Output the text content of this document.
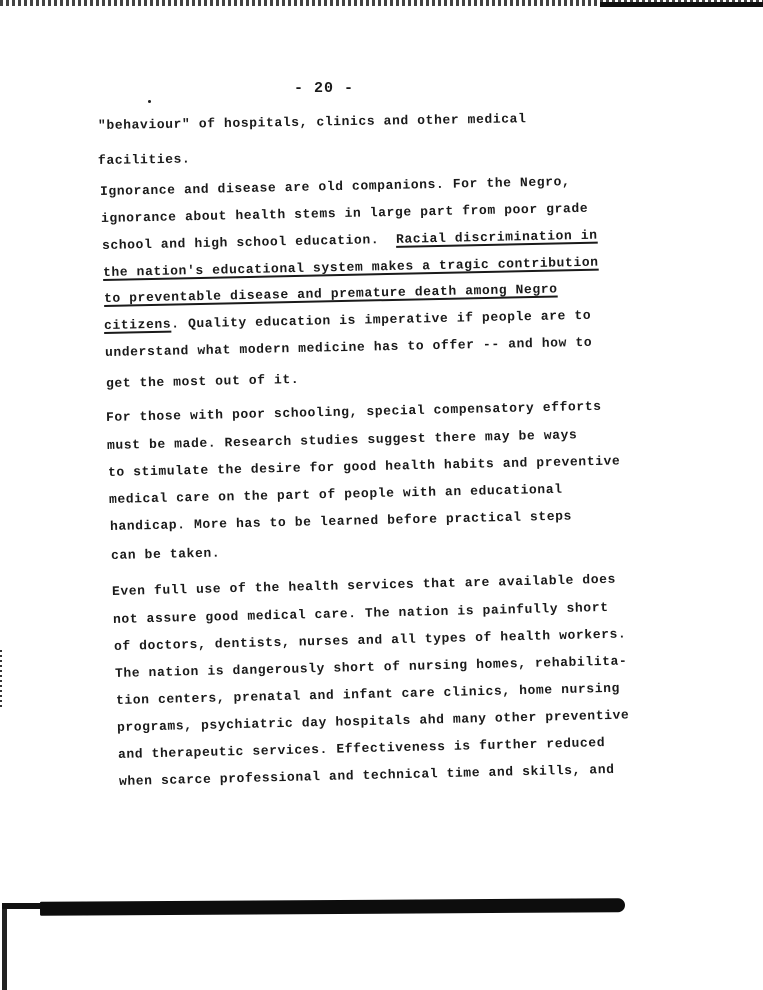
- 20 -
"behaviour" of hospitals, clinics and other medical
facilities.
Ignorance and disease are old companions. For the Negro,
ignorance about health stems in large part from poor grade
school and high school education. Racial discrimination in
the nation's educational system makes a tragic contribution
to preventable disease and premature death among Negro
citizens. Quality education is imperative if people are to
understand what modern medicine has to offer -- and how to
get the most out of it.
For those with poor schooling, special compensatory efforts
must be made. Research studies suggest there may be ways
to stimulate the desire for good health habits and preventive
medical care on the part of people with an educational
handicap. More has to be learned before practical steps
can be taken.
Even full use of the health services that are available does
not assure good medical care. The nation is painfully short
of doctors, dentists, nurses and all types of health workers.
The nation is dangerously short of nursing homes, rehabilita-
tion centers, prenatal and infant care clinics, home nursing
programs, psychiatric day hospitals ahd many other preventive
and therapeutic services. Effectiveness is further reduced
when scarce professional and technical time and skills, and
